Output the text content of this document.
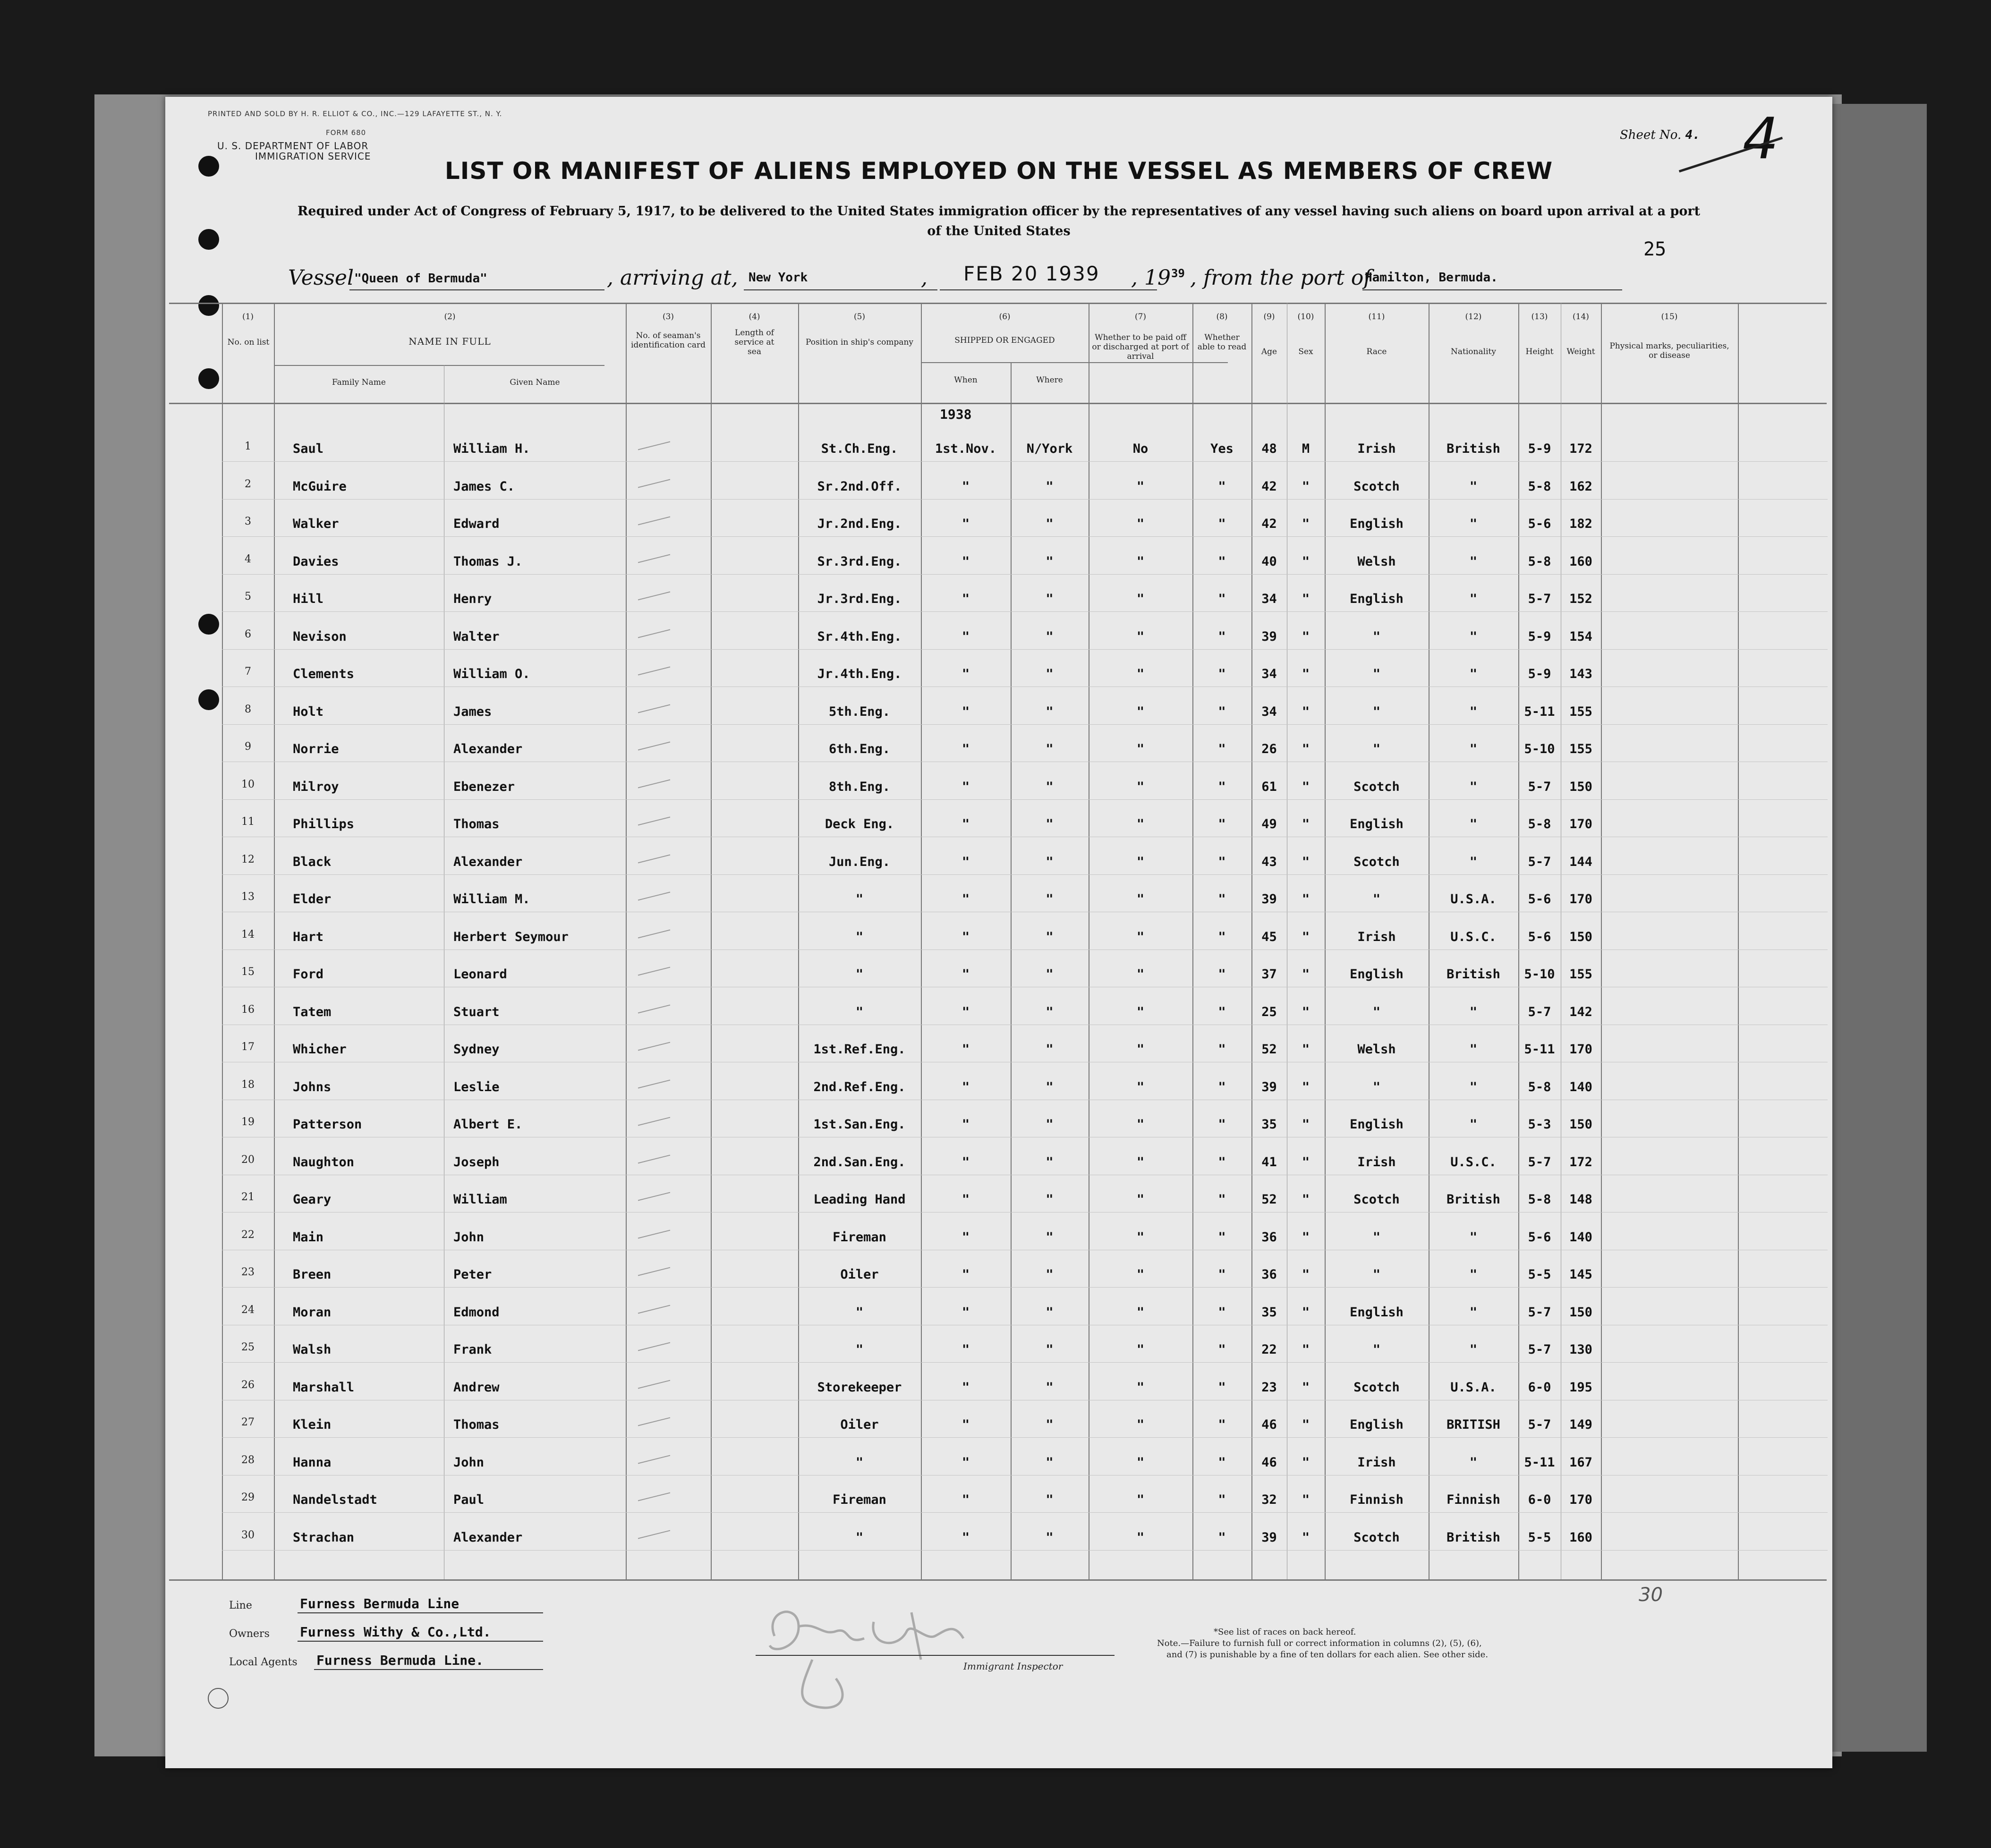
PRINTED AND SOLD BY H. R. ELLIOT & CO., INC.—129 LAFAYETTE ST., N. Y.
FORM 680
U. S. DEPARTMENT OF LABOR
IMMIGRATION SERVICE
Sheet No. 4. 4
LIST OR MANIFEST OF ALIENS EMPLOYED ON THE VESSEL AS MEMBERS OF CREW
Required under Act of Congress of February 5, 1917, to be delivered to the United States immigration officer by the representatives of any vessel having such aliens on board upon arrival at a port
of the United States
25
Vessel "Queen of Bermuda"	, arriving at, New York	, FEB 20 1939 , 19 39 , from the port of
Hamilton, Bermuda.
(1)
No. on list
(2)
NAME IN FULL
Family Name	Given Name
(3)
No. of seaman's identification card
(4)
Length of service at sea
(5)
Position in ship's company
(6)
SHIPPED OR ENGAGED
When	Where
(7)
Whether to be paid off or discharged at port of arrival
(8)
Whether able to read
(9)
Age
(10)
Sex
(11)
Race
(12)
Nationality
(13)
Height
(14)
Weight
(15)
Physical marks, peculiarities, or disease
1938
1	Saul	William H.	St.Ch.Eng.	1st.Nov.	N/York	No	Yes	48	M	Irish	British	5-9	172
2	McGuire	James C.	Sr.2nd.Off.	"	"	"	"	42	"	Scotch	"	5-8	162
3	Walker	Edward	Jr.2nd.Eng.	"	"	"	"	42	"	English	"	5-6	182
4	Davies	Thomas J.	Sr.3rd.Eng.	"	"	"	"	40	"	Welsh	"	5-8	160
5	Hill	Henry	Jr.3rd.Eng.	"	"	"	"	34	"	English	"	5-7	152
6	Nevison	Walter	Sr.4th.Eng.	"	"	"	"	39	"	"	"	5-9	154
7	Clements	William O.	Jr.4th.Eng.	"	"	"	"	34	"	"	"	5-9	143
8	Holt	James	5th.Eng.	"	"	"	"	34	"	"	"	5-11	155
9	Norrie	Alexander	6th.Eng.	"	"	"	"	26	"	"	"	5-10	155
10	Milroy	Ebenezer	8th.Eng.	"	"	"	"	61	"	Scotch	"	5-7	150
11	Phillips	Thomas	Deck Eng.	"	"	"	"	49	"	English	"	5-8	170
12	Black	Alexander	Jun.Eng.	"	"	"	"	43	"	Scotch	"	5-7	144
13	Elder	William M.	"	"	"	"	"	39	"	"	U.S.A.	5-6	170
14	Hart	Herbert Seymour	"	"	"	"	"	45	"	Irish	U.S.C.	5-6	150
15	Ford	Leonard	"	"	"	"	"	37	"	English	British	5-10	155
16	Tatem	Stuart	"	"	"	"	"	25	"	"	"	5-7	142
17	Whicher	Sydney	1st.Ref.Eng.	"	"	"	"	52	"	Welsh	"	5-11	170
18	Johns	Leslie	2nd.Ref.Eng.	"	"	"	"	39	"	"	"	5-8	140
19	Patterson	Albert E.	1st.San.Eng.	"	"	"	"	35	"	English	"	5-3	150
20	Naughton	Joseph	2nd.San.Eng.	"	"	"	"	41	"	Irish	U.S.C.	5-7	172
21	Geary	William	Leading Hand	"	"	"	"	52	"	Scotch	British	5-8	148
22	Main	John	Fireman	"	"	"	"	36	"	"	"	5-6	140
23	Breen	Peter	Oiler	"	"	"	"	36	"	"	"	5-5	145
24	Moran	Edmond	"	"	"	"	"	35	"	English	"	5-7	150
25	Walsh	Frank	"	"	"	"	"	22	"	"	"	5-7	130
26	Marshall	Andrew	Storekeeper	"	"	"	"	23	"	Scotch	U.S.A.	6-0	195
27	Klein	Thomas	Oiler	"	"	"	"	46	"	English	BRITISH	5-7	149
28	Hanna	John	"	"	"	"	"	46	"	Irish	"	5-11	167
29	Nandelstadt	Paul	Fireman	"	"	"	"	32	"	Finnish	Finnish	6-0	170
30	Strachan	Alexander	"	"	"	"	"	39	"	Scotch	British	5-5	160
Line	Furness Bermuda Line
Owners Furness Withy & Co.,Ltd.
Local Agents Furness Bermuda Line.	Immigrant Inspector
30
*See list of races on back hereof.
Note.—Failure to furnish full or correct information in columns (2), (5), (6),
and (7) is punishable by a fine of ten dollars for each alien. See other side.
